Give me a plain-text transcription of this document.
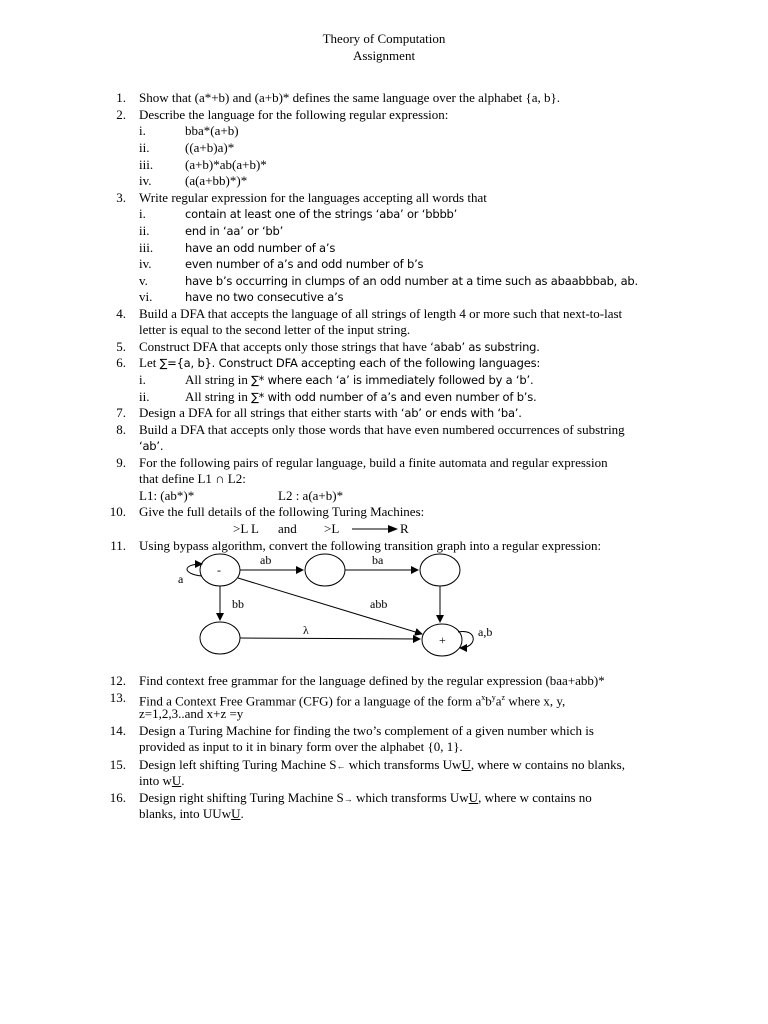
Theory of Computation
Assignment
1. Show that (a*+b) and (a+b)* defines the same language over the alphabet {a, b}.
2. Describe the language for the following regular expression:
i.	bba*(a+b)
ii.	((a+b)a)*
iii. (a+b)*ab(a+b)*
iv.	(a(a+bb)*)*
3. Write regular expression for the languages accepting all words that
i.	contain at least one of the strings ‘aba’ or ‘bbbb’
ii.	end in ‘aa’ or ‘bb’
iii.	have an odd number of a’s
iv.	even number of a’s and odd number of b’s
v.	have b’s occurring in clumps of an odd number at a time such as abaabbbab, ab.
vi.	have no two consecutive a’s
4. Build a DFA that accepts the language of all strings of length 4 or more such that next-to-last
letter is equal to the second letter of the input string.
5. Construct DFA that accepts only those strings that have ‘abab’ as substring.
6. Let ∑={a, b}. Construct DFA accepting each of the following languages:
i.	All string in ∑* where each ‘a’ is immediately followed by a ‘b’.
ii.	All string in ∑* with odd number of a’s and even number of b’s.
7. Design a DFA for all strings that either starts with ‘ab’ or ends with ‘ba’.
8. Build a DFA that accepts only those words that have even numbered occurrences of substring
‘ab’.
9. For the following pairs of regular language, build a finite automata and regular expression
that define L1 ∩ L2:
L1: (ab*)*	L2 : a(a+b)*
10. Give the full details of the following Turing Machines:
>L L and >L	R
11. Using bypass algorithm, convert the following transition graph into a regular expression:
-
+
a
ab	ba
bb	abb
λ	a,b
12. Find context free grammar for the language defined by the regular expression (baa+abb)*
13. Find a Context Free Grammar (CFG) for a language of the form $a^xb^ya^z$ where x, y,
z=1,2,3..and x+z =y
14. Design a Turing Machine for finding the two’s complement of a given number which is
provided as input to it in binary form over the alphabet {0, 1}.
15. Design left shifting Turing Machine S← which transforms UwU, where w contains no blanks,
into wU.
16. Design right shifting Turing Machine S→ which transforms UwU, where w contains no
blanks, into UUwU.
